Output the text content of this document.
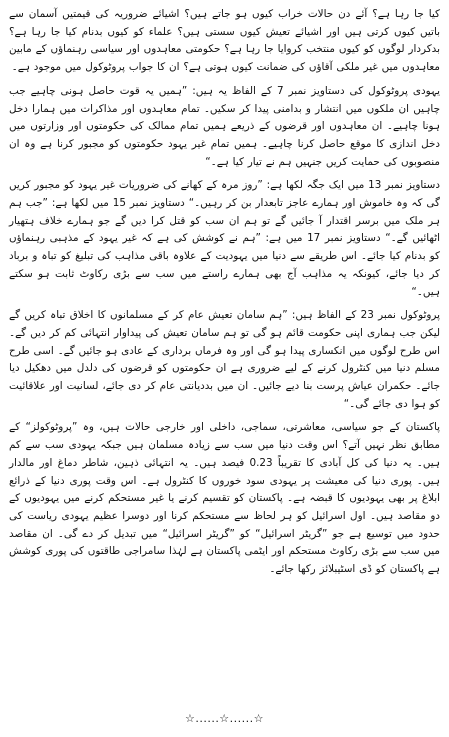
کیا جا رہا ہے؟ آئے دن حالات خراب کیوں ہو جاتے ہیں؟ اشیائے ضروریہ کی قیمتیں آسمان سے باتیں کیوں کرتی ہیں اور اشیائے تعیش کیوں سستی ہیں؟ علماء کو کیوں بدنام کیا جا رہا ہے؟ بدکردار لوگوں کو کیوں منتخب کروایا جا رہا ہے؟ حکومتی معاہدوں اور سیاسی رہنماؤں کے مابین معاہدوں میں غیر ملکی آقاؤں کی ضمانت کیوں ہوتی ہے؟ ان کا جواب پروٹوکول میں موجود ہے۔

یہودی پروٹوکول کی دستاویز نمبر 7 کے الفاظ یہ ہیں: ”ہمیں یہ قوت حاصل ہونی چاہیے جب چاہیں ان ملکوں میں انتشار و بدامنی پیدا کر سکیں۔ تمام معاہدوں اور مذاکرات میں ہمارا دخل ہونا چاہیے۔ ان معاہدوں اور قرضوں کے ذریعے ہمیں تمام ممالک کی حکومتوں اور وزارتوں میں دخل اندازی کا موقع حاصل کرنا چاہیے۔ ہمیں تمام غیر یہود حکومتوں کو مجبور کرنا ہے وہ ان منصوبوں کی حمایت کریں جنہیں ہم نے تیار کیا ہے۔“

دستاویز نمبر 13 میں ایک جگہ لکھا ہے: ”روز مرہ کے کھانے کی ضروریات غیر یہود کو مجبور کریں گی کہ وہ خاموش اور ہمارے عاجز تابعدار بن کر رہیں۔“ دستاویز نمبر 15 میں لکھا ہے: ”جب ہم ہر ملک میں برسر اقتدار آ جائیں گے تو ہم ان سب کو قتل کرا دیں گے جو ہمارے خلاف ہتھیار اٹھائیں گے۔“ دستاویز نمبر 17 میں ہے: ”ہم نے کوشش کی ہے کہ غیر یہود کے مذہبی رہنماؤں کو بدنام کیا جائے۔ اس طریقے سے دنیا میں یہودیت کے علاوہ باقی مذاہب کی تبلیغ کو تباہ و برباد کر دیا جائے، کیونکہ یہ مذاہب آج بھی ہمارے راستے میں سب سے بڑی رکاوٹ ثابت ہو سکتے ہیں۔“

پروٹوکول نمبر 23 کے الفاظ ہیں: ”ہم سامان تعیش عام کر کے مسلمانوں کا اخلاق تباہ کریں گے لیکن جب ہماری اپنی حکومت قائم ہو گی تو ہم سامان تعیش کی پیداوار انتہائی کم کر دیں گے۔ اس طرح لوگوں میں انکساری پیدا ہو گی اور وہ فرماں برداری کے عادی ہو جائیں گے۔ اسی طرح مسلم دنیا میں کنٹرول کرنے کے لیے ضروری ہے ان حکومتوں کو قرضوں کی دلدل میں دھکیل دیا جائے۔ حکمران عیاش پرست بنا دیے جائیں۔ ان میں بددیانتی عام کر دی جائے، لسانیت اور علاقائیت کو ہوا دی جائے گی۔“

پاکستان کے جو سیاسی، معاشرتی، سماجی، داخلی اور خارجی حالات ہیں، وہ ”پروٹوکولز“ کے مطابق نظر نہیں آتے؟ اس وقت دنیا میں سب سے زیادہ مسلمان ہیں جبکہ یہودی سب سے کم ہیں۔ یہ دنیا کی کل آبادی کا تقریباً 0.23 فیصد ہیں۔ یہ انتہائی ذہین، شاطر دماغ اور مالدار ہیں۔ پوری دنیا کی معیشت پر یہودی سود خوروں کا کنٹرول ہے۔ اس وقت پوری دنیا کے ذرائع ابلاغ پر بھی یہودیوں کا قبضہ ہے۔ پاکستان کو تقسیم کرنے یا غیر مستحکم کرنے میں یہودیوں کے دو مقاصد ہیں۔ اول اسرائیل کو ہر لحاظ سے مستحکم کرنا اور دوسرا عظیم یہودی ریاست کی حدود میں توسیع ہے جو ”گریٹر اسرائیل“ کو ”گریٹر اسرائیل“ میں تبدیل کر دے گی۔ ان مقاصد میں سب سے بڑی رکاوٹ مستحکم اور ایٹمی پاکستان ہے لہٰذا سامراجی طاقتوں کی پوری کوشش ہے پاکستان کو ڈی اسٹیبلائز رکھا جائے۔

☆......☆......☆
